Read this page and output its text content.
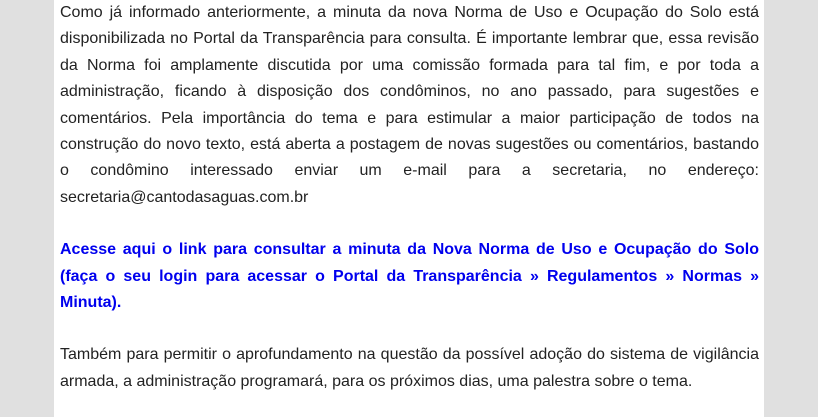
Como já informado anteriormente, a minuta da nova Norma de Uso e Ocupação do Solo está disponibilizada no Portal da Transparência para consulta. É importante lembrar que, essa revisão da Norma foi amplamente discutida por uma comissão formada para tal fim, e por toda a administração, ficando à disposição dos condôminos, no ano passado, para sugestões e comentários. Pela importância do tema e para estimular a maior participação de todos na construção do novo texto, está aberta a postagem de novas sugestões ou comentários, bastando o condômino interessado enviar um e-mail para a secretaria, no endereço: secretaria@cantodasaguas.com.br

Acesse aqui o link para consultar a minuta da Nova Norma de Uso e Ocupação do Solo (faça o seu login para acessar o Portal da Transparência » Regulamentos » Normas » Minuta).

Também para permitir o aprofundamento na questão da possível adoção do sistema de vigilância armada, a administração programará, para os próximos dias, uma palestra sobre o tema.
